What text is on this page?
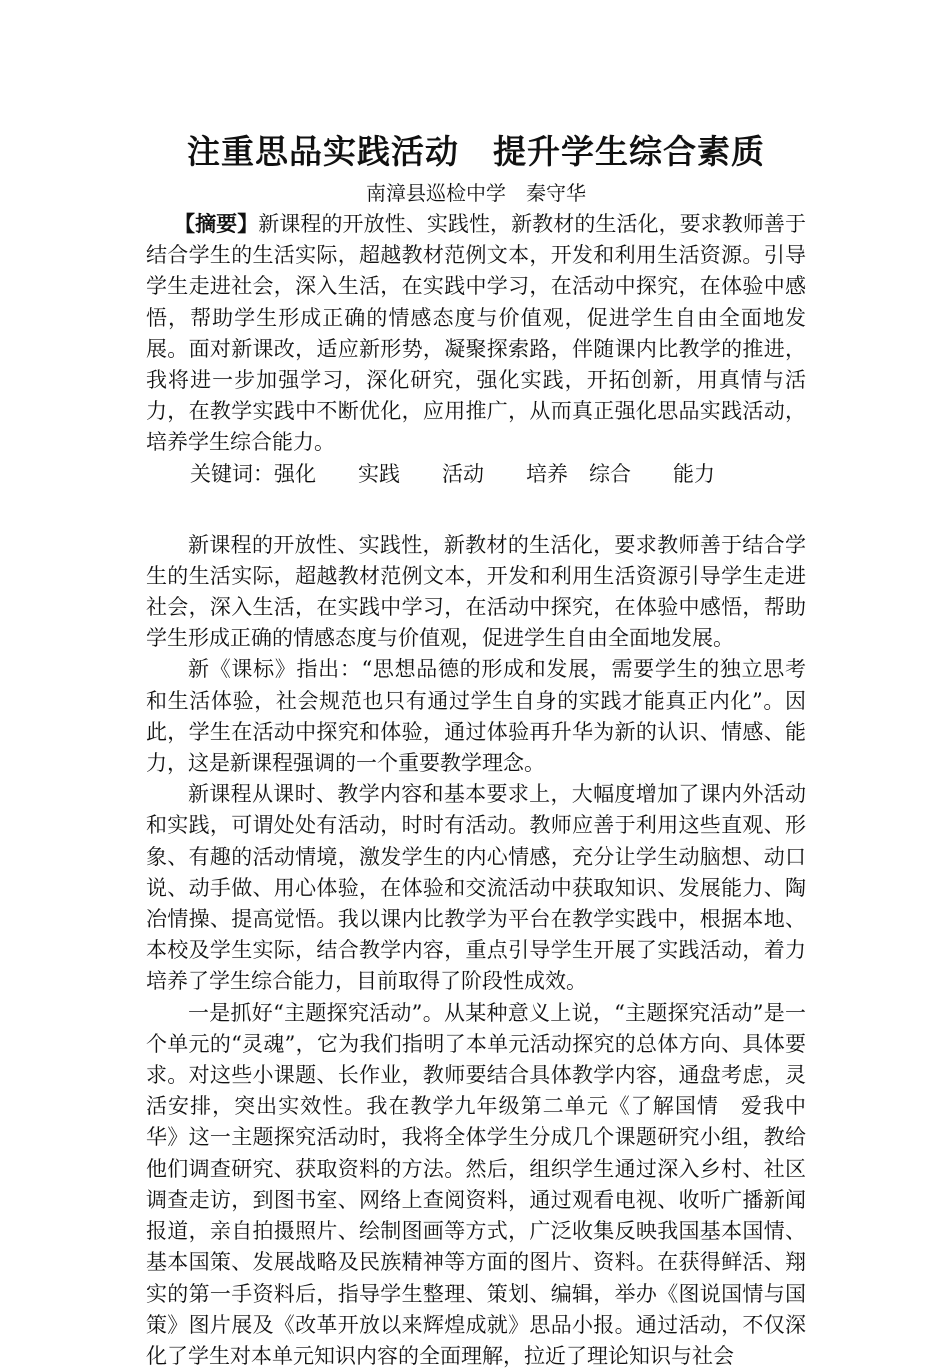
注重思品实践活动　提升学生综合素质

南漳县巡检中学　秦守华

【摘要】新课程的开放性、实践性，新教材的生活化，要求教师善于结合学生的生活实际，超越教材范例文本，开发和利用生活资源。引导学生走进社会，深入生活，在实践中学习，在活动中探究，在体验中感悟，帮助学生形成正确的情感态度与价值观，促进学生自由全面地发展。面对新课改，适应新形势，凝聚探索路，伴随课内比教学的推进，我将进一步加强学习，深化研究，强化实践，开拓创新，用真情与活力，在教学实践中不断优化，应用推广，从而真正强化思品实践活动，培养学生综合能力。

关键词：强化　　实践　　活动　　培养　综合　　能力

新课程的开放性、实践性，新教材的生活化，要求教师善于结合学生的生活实际，超越教材范例文本，开发和利用生活资源引导学生走进社会，深入生活，在实践中学习，在活动中探究，在体验中感悟，帮助学生形成正确的情感态度与价值观，促进学生自由全面地发展。

新《课标》指出：“思想品德的形成和发展，需要学生的独立思考和生活体验，社会规范也只有通过学生自身的实践才能真正内化”。因此，学生在活动中探究和体验，通过体验再升华为新的认识、情感、能力，这是新课程强调的一个重要教学理念。

新课程从课时、教学内容和基本要求上，大幅度增加了课内外活动和实践，可谓处处有活动，时时有活动。教师应善于利用这些直观、形象、有趣的活动情境，激发学生的内心情感，充分让学生动脑想、动口说、动手做、用心体验，在体验和交流活动中获取知识、发展能力、陶冶情操、提高觉悟。我以课内比教学为平台在教学实践中，根据本地、本校及学生实际，结合教学内容，重点引导学生开展了实践活动，着力培养了学生综合能力，目前取得了阶段性成效。

一是抓好“主题探究活动”。从某种意义上说，“主题探究活动”是一个单元的“灵魂”，它为我们指明了本单元活动探究的总体方向、具体要求。对这些小课题、长作业，教师要结合具体教学内容，通盘考虑，灵活安排，突出实效性。我在教学九年级第二单元《了解国情　爱我中华》这一主题探究活动时，我将全体学生分成几个课题研究小组，教给他们调查研究、获取资料的方法。然后，组织学生通过深入乡村、社区调查走访，到图书室、网络上查阅资料，通过观看电视、收听广播新闻报道，亲自拍摄照片、绘制图画等方式，广泛收集反映我国基本国情、基本国策、发展战略及民族精神等方面的图片、资料。在获得鲜活、翔实的第一手资料后，指导学生整理、策划、编辑，举办《图说国情与国策》图片展及《改革开放以来辉煌成就》思品小报。通过活动，不仅深化了学生对本单元知识内容的全面理解，拉近了理论知识与社会
